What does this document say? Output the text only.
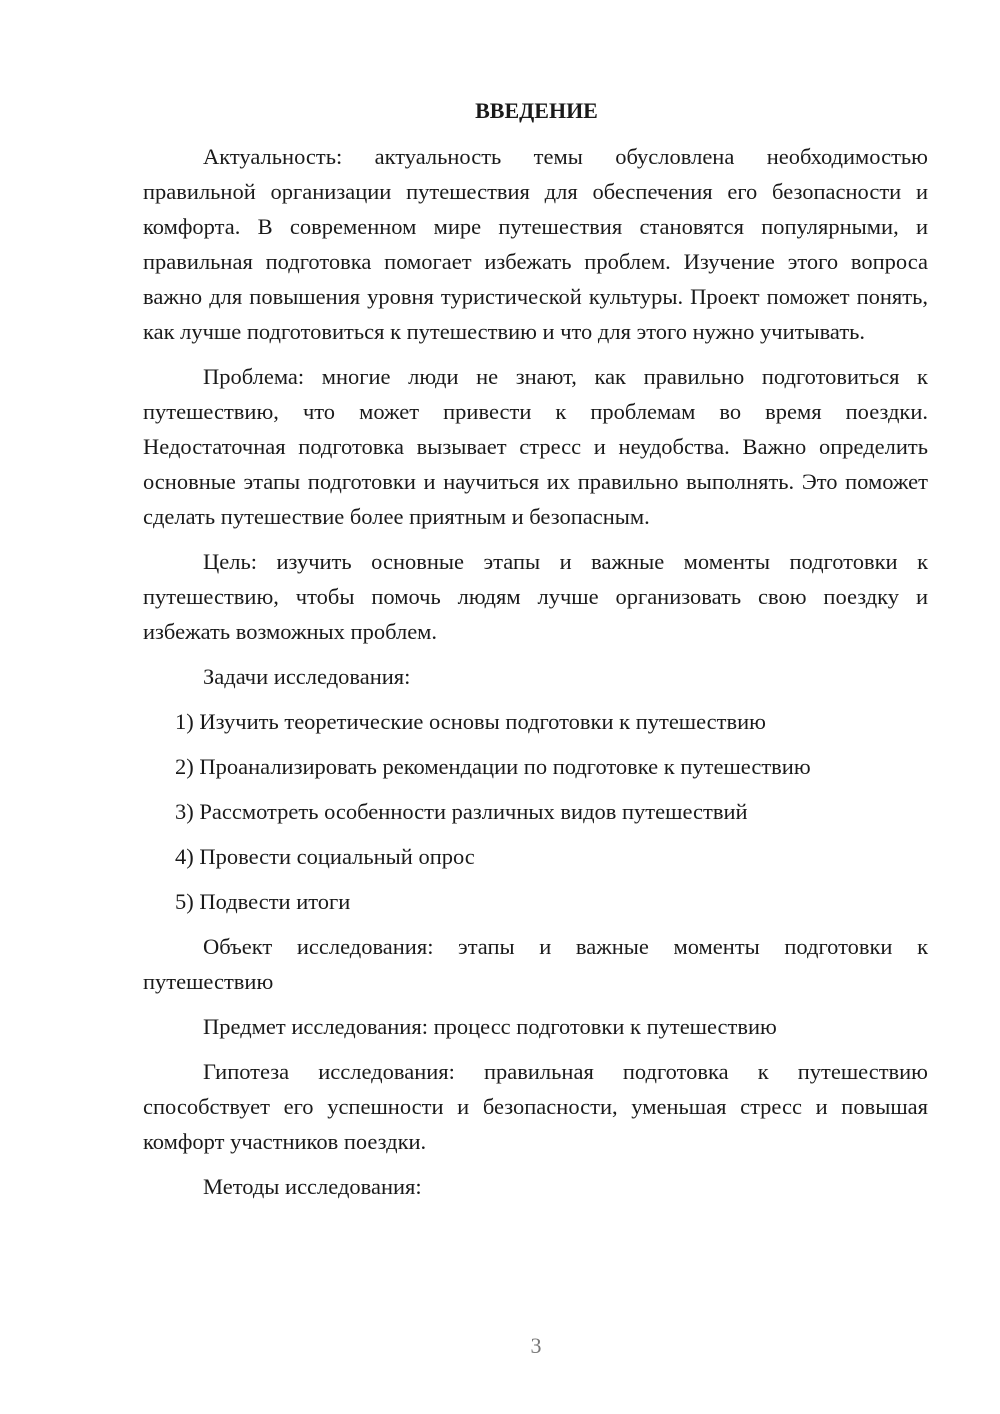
ВВЕДЕНИЕ

Актуальность: актуальность темы обусловлена необходимостью правильной организации путешествия для обеспечения его безопасности и комфорта. В современном мире путешествия становятся популярными, и правильная подготовка помогает избежать проблем. Изучение этого вопроса важно для повышения уровня туристической культуры. Проект поможет понять, как лучше подготовиться к путешествию и что для этого нужно учитывать.

Проблема: многие люди не знают, как правильно подготовиться к путешествию, что может привести к проблемам во время поездки. Недостаточная подготовка вызывает стресс и неудобства. Важно определить основные этапы подготовки и научиться их правильно выполнять. Это поможет сделать путешествие более приятным и безопасным.

Цель: изучить основные этапы и важные моменты подготовки к путешествию, чтобы помочь людям лучше организовать свою поездку и избежать возможных проблем.

Задачи исследования:

1) Изучить теоретические основы подготовки к путешествию
2) Проанализировать рекомендации по подготовке к путешествию
3) Рассмотреть особенности различных видов путешествий
4) Провести социальный опрос
5) Подвести итоги

Объект исследования: этапы и важные моменты подготовки к путешествию

Предмет исследования: процесс подготовки к путешествию

Гипотеза исследования: правильная подготовка к путешествию способствует его успешности и безопасности, уменьшая стресс и повышая комфорт участников поездки.

Методы исследования:

3
